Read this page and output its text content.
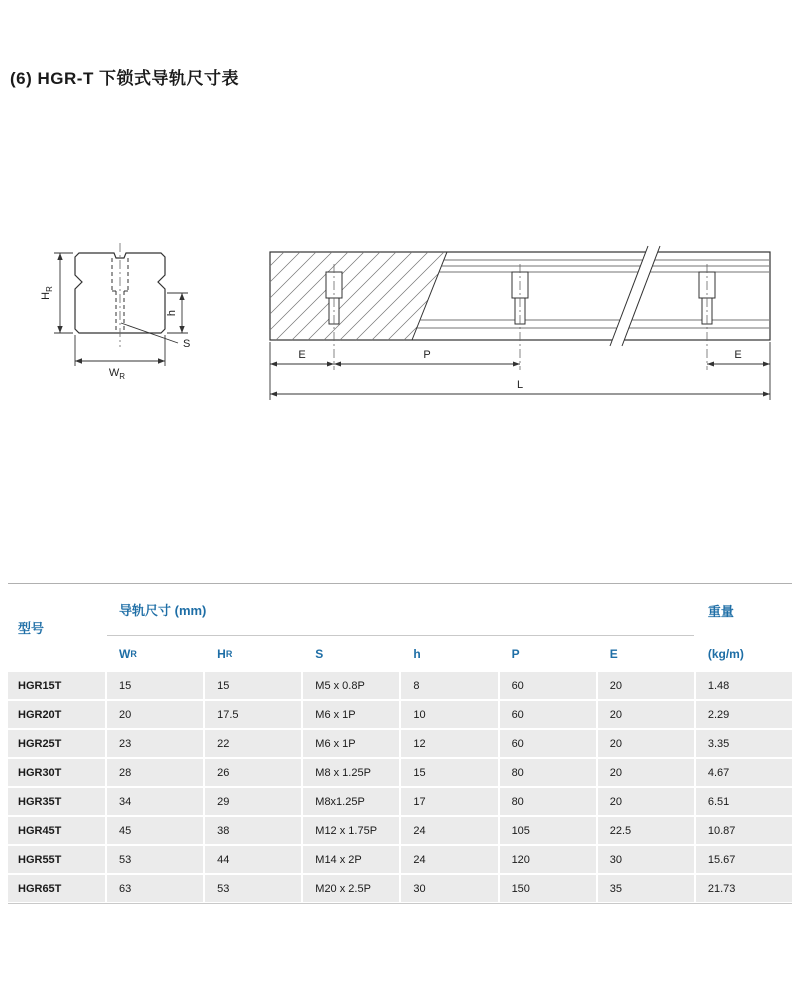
(6) HGR-T 下锁式导轨尺寸表
$H_R$
h
$W_R$
S
E	P	E
L
型号
导轨尺寸 (mm)	重量
W R	H R	S	h	P	E	(kg/m)
HGR15T	15	15	M5 x 0.8P	8	60	20	1.48
HGR20T	20	17.5	M6 x 1P	10	60	20	2.29
HGR25T	23	22	M6 x 1P	12	60	20	3.35
HGR30T	28	26	M8 x 1.25P	15	80	20	4.67
HGR35T	34	29	M8x1.25P	17	80	20	6.51
HGR45T	45	38	M12 x 1.75P	24	105	22.5	10.87
HGR55T	53	44	M14 x 2P	24	120	30	15.67
HGR65T	63	53	M20 x 2.5P	30	150	35	21.73
